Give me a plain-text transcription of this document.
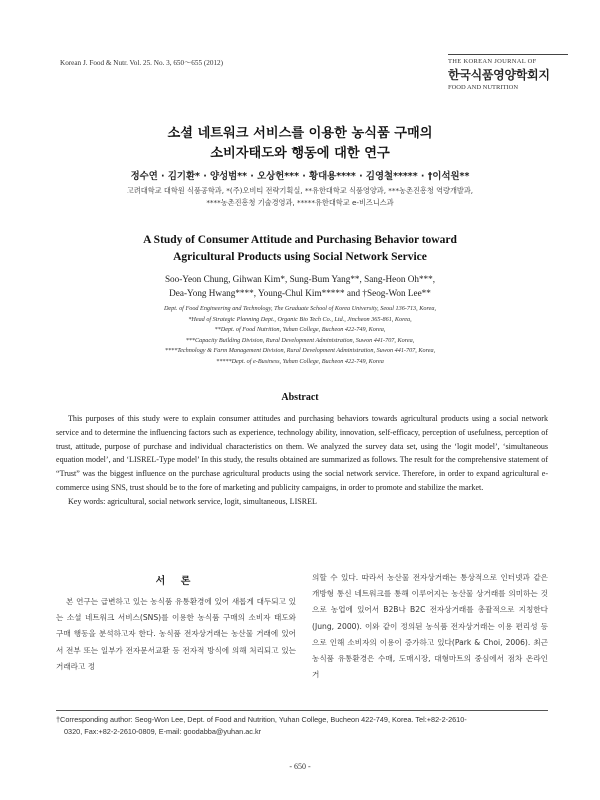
Korean J. Food & Nutr. Vol. 25. No. 3, 650～655 (2012)	THE KOREAN JOURNAL OF
한국식품영양학회지
FOOD AND NUTRITION
소셜 네트워크 서비스를 이용한 농식품 구매의
소비자태도와 행동에 대한 연구
정수연 · 김기환* · 양성범** · 오상헌*** · 황대용**** · 김영철***** · †이석원**
고려대학교 대학원 식품공학과, *(주)오비티 전략기획실, **유한대학교 식품영양과, ***농촌진흥청 역량개발과,
****농촌진흥청 기술경영과, *****유한대학교 e-비즈니스과
A Study of Consumer Attitude and Purchasing Behavior toward
Agricultural Products using Social Network Service
Soo-Yeon Chung, Gihwan Kim*, Sung-Bum Yang**, Sang-Heon Oh***,
Dea-Yong Hwang****, Young-Chul Kim***** and †Seog-Won Lee**
Dept. of Food Engineering and Technology, The Graduate School of Korea University, Seoul 136-713, Korea,
*Head of Strategic Planning Dept., Organic Bio Tech Co., Ltd., Jincheon 365-861, Korea,
**Dept. of Food Nutrition, Yuhan College, Bucheon 422-749, Korea,
***Capacity Building Division, Rural Development Administration, Suwon 441-707, Korea,
****Technology & Farm Management Division, Rural Development Administration, Suwon 441-707, Korea,
*****Dept. of e-Business, Yuhan College, Bucheon 422-749, Korea
Abstract

This purposes of this study were to explain consumer attitudes and purchasing behaviors towards agricultural products using a social network service and to determine the influencing factors such as experience, technology ability, innovation, self-efficacy, perception of usefulness, perception of trust, attitude, purpose of purchase and individual characteristics on them. We analyzed the survey data set, using the ‘logit model’, ‘simultaneous equation model’, and ‘LISREL-Type model’ In this study, the results obtained are summarized as follows. The result for the comprehensive statement of “Trust” was the biggest influence on the purchase agricultural products using the social network service. Therefore, in order to expand agricultural e-commerce using SNS, trust should be to the fore of marketing and publicity campaigns, in order to promote and stabilize the market.

Key words: agricultural, social network service, logit, simultaneous, LISREL

서 론

본 연구는 급변하고 있는 농식품 유통환경에 있어 새롭게 대두되고 있는 소셜 네트워크 서비스(SNS)를 이용한 농식품 구매의 소비자 태도와 구매 행동을 분석하고자 한다. 농식품 전자상거래는 농산물 거래에 있어서 전부 또는 일부가 전자문서교환 등 전자적 방식에 의해 처리되고 있는 거래라고 정

의할 수 있다. 따라서 농산물 전자상거래는 통상적으로 인터넷과 같은 개방형 통신 네트워크를 통해 이루어지는 농산물 상거래를 의미하는 것으로 농업에 있어서 B2B나 B2C 전자상거래를 총괄적으로 지칭한다(Jung, 2000). 이와 같이 정의된 농식품 전자상거래는 이용 편리성 등으로 인해 소비자의 이용이 증가하고 있다(Park & Choi, 2006). 최근 농식품 유통환경은 수매, 도매시장, 대형마트의 중심에서 점차 온라인 거

†Corresponding author: Seog-Won Lee, Dept. of Food and Nutrition, Yuhan College, Bucheon 422-749, Korea. Tel:+82-2-2610-
0320, Fax:+82-2-2610-0809, E-mail: goodabba@yuhan.ac.kr
- 650 -
